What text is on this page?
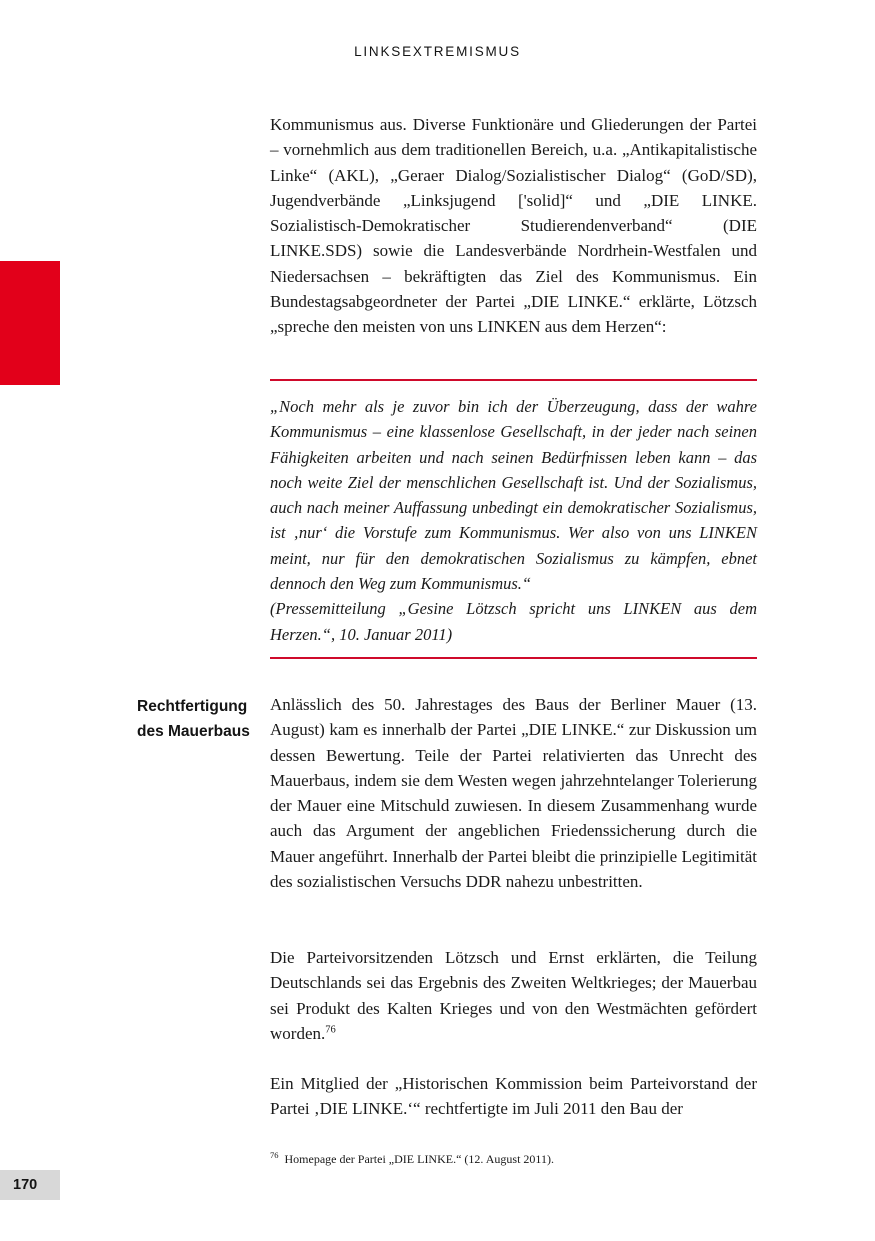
LINKSEXTREMISMUS

Kommunismus aus. Diverse Funktionäre und Gliederungen der Partei – vornehmlich aus dem traditionellen Bereich, u.a. „Antikapitalistische Linke“ (AKL), „Geraer Dialog/Sozialistischer Dialog“ (GoD/SD), Jugendverbände „Linksjugend ['solid]“ und „DIE LINKE. Sozialistisch-Demokratischer Studierendenverband“ (DIE LINKE.SDS) sowie die Landesverbände Nordrhein-Westfalen und Niedersachsen – bekräftigten das Ziel des Kommunismus. Ein Bundestagsabgeordneter der Partei „DIE LINKE.“ erklärte, Lötzsch „spreche den meisten von uns LINKEN aus dem Herzen“:

„Noch mehr als je zuvor bin ich der Überzeugung, dass der wahre Kommunismus – eine klassenlose Gesellschaft, in der jeder nach seinen Fähigkeiten arbeiten und nach seinen Bedürfnissen leben kann – das noch weite Ziel der menschlichen Gesellschaft ist. Und der Sozialismus, auch nach meiner Auffassung unbedingt ein demokratischer Sozialismus, ist ‚nur‘ die Vorstufe zum Kommunismus. Wer also von uns LINKEN meint, nur für den demokratischen Sozialismus zu kämpfen, ebnet dennoch den Weg zum Kommunismus.“

(Pressemitteilung „Gesine Lötzsch spricht uns LINKEN aus dem Herzen.“, 10. Januar 2011)

Rechtfertigung
des Mauerbaus

Anlässlich des 50. Jahrestages des Baus der Berliner Mauer (13. August) kam es innerhalb der Partei „DIE LINKE.“ zur Diskussion um dessen Bewertung. Teile der Partei relativierten das Unrecht des Mauerbaus, indem sie dem Westen wegen jahrzehntelanger Tolerierung der Mauer eine Mitschuld zuwiesen. In diesem Zusammenhang wurde auch das Argument der angeblichen Friedenssicherung durch die Mauer angeführt. Innerhalb der Partei bleibt die prinzipielle Legitimität des sozialistischen Versuchs DDR nahezu unbestritten.

Die Parteivorsitzenden Lötzsch und Ernst erklärten, die Teilung Deutschlands sei das Ergebnis des Zweiten Weltkrieges; der Mauerbau sei Produkt des Kalten Krieges und von den Westmächten gefördert worden.$^{76}$

Ein Mitglied der „Historischen Kommission beim Parteivorstand der Partei ‚DIE LINKE.‘“ rechtfertigte im Juli 2011 den Bau der

$^{76}$ Homepage der Partei „DIE LINKE.“ (12. August 2011).
170
